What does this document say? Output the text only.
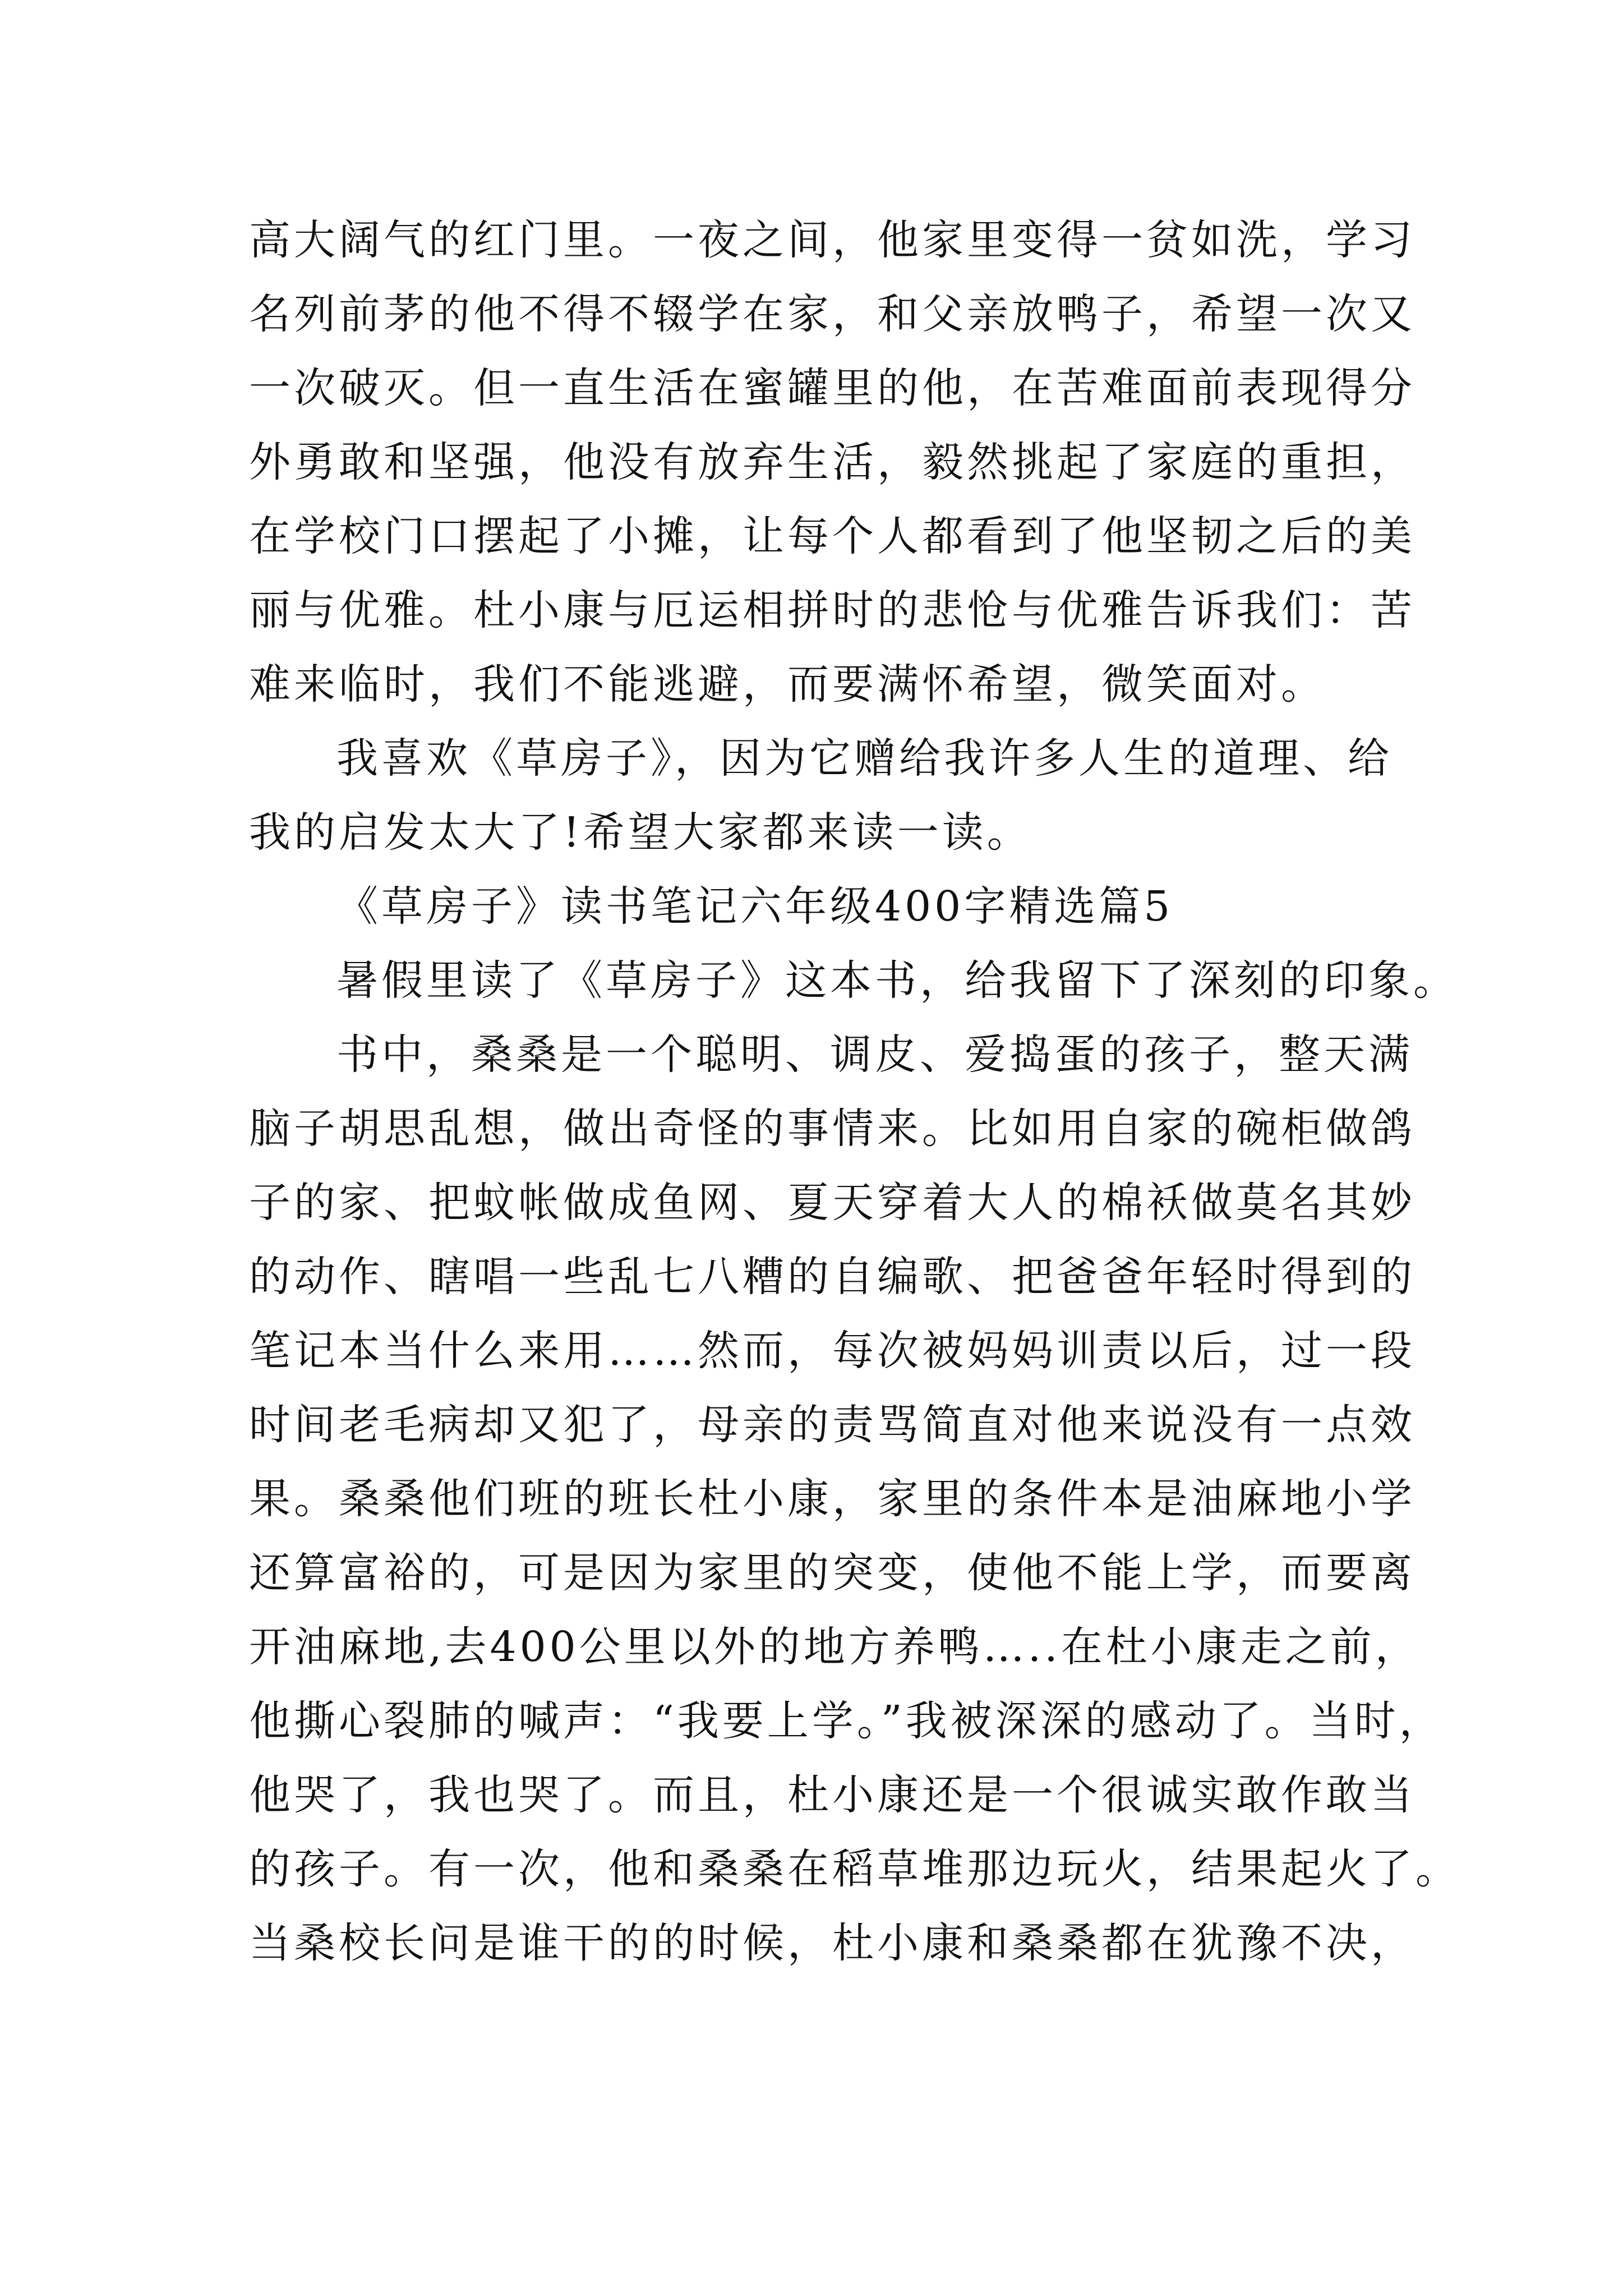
高大阔气的红门里。一夜之间，他家里变得一贫如洗，学习
名列前茅的他不得不辍学在家，和父亲放鸭子，希望一次又
一次破灭。但一直生活在蜜罐里的他，在苦难面前表现得分
外勇敢和坚强，他没有放弃生活，毅然挑起了家庭的重担，
在学校门口摆起了小摊，让每个人都看到了他坚韧之后的美
丽与优雅。杜小康与厄运相拼时的悲怆与优雅告诉我们：苦
难来临时，我们不能逃避，而要满怀希望，微笑面对。
我喜欢《草房子》，因为它赠给我许多人生的道理、给
我的启发太大了!希望大家都来读一读。
《草房子》读书笔记六年级400字精选篇5
暑假里读了《草房子》这本书，给我留下了深刻的印象。
书中，桑桑是一个聪明、调皮、爱捣蛋的孩子，整天满
脑子胡思乱想，做出奇怪的事情来。比如用自家的碗柜做鸽
子的家、把蚊帐做成鱼网、夏天穿着大人的棉袄做莫名其妙
的动作、瞎唱一些乱七八糟的自编歌、把爸爸年轻时得到的
笔记本当什么来用……然而，每次被妈妈训责以后，过一段
时间老毛病却又犯了，母亲的责骂简直对他来说没有一点效
果。桑桑他们班的班长杜小康，家里的条件本是油麻地小学
还算富裕的，可是因为家里的突变，使他不能上学，而要离
开油麻地,去400公里以外的地方养鸭…..在杜小康走之前，
他撕心裂肺的喊声：“我要上学。”我被深深的感动了。当时，
他哭了，我也哭了。而且，杜小康还是一个很诚实敢作敢当
的孩子。有一次，他和桑桑在稻草堆那边玩火，结果起火了。
当桑校长问是谁干的的时候，杜小康和桑桑都在犹豫不决，
